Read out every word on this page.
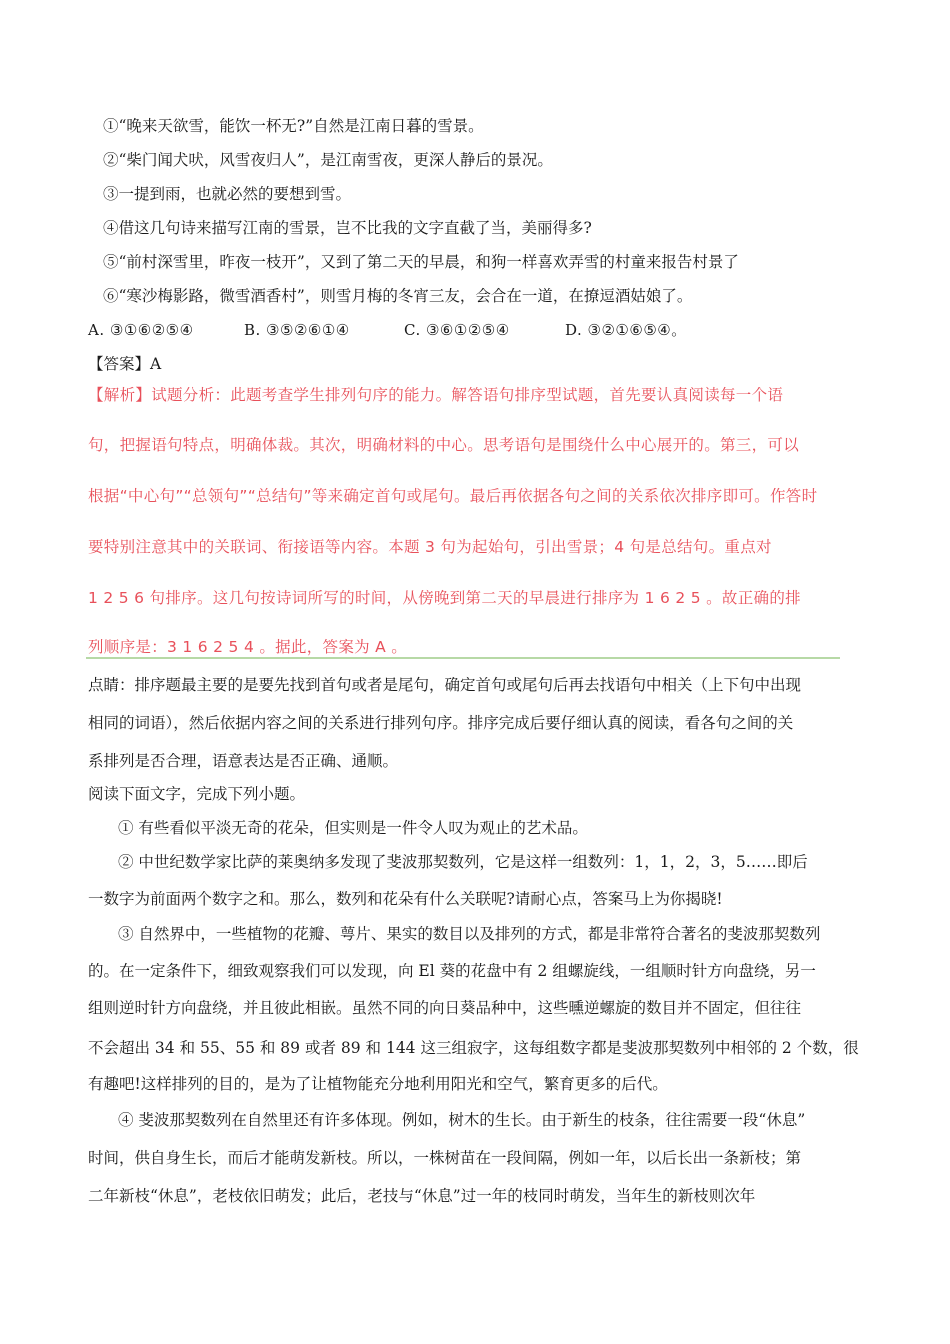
①“晚来天欲雪，能饮一杯无?”自然是江南日暮的雪景。
②“柴门闻犬吠，风雪夜归人”，是江南雪夜，更深人静后的景况。
③一提到雨，也就必然的要想到雪。
④借这几句诗来描写江南的雪景，岂不比我的文字直截了当，美丽得多?
⑤“前村深雪里，昨夜一枝开”，又到了第二天的早晨，和狗一样喜欢弄雪的村童来报告村景了
⑥“寒沙梅影路，微雪酒香村”，则雪月梅的冬宵三友，会合在一道，在撩逗酒姑娘了。
A. ③①⑥②⑤④	B. ③⑤②⑥①④	C. ③⑥①②⑤④	D. ③②①⑥⑤④。
【答案】A
【解析】试题分析：此题考查学生排列句序的能力。解答语句排序型试题，首先要认真阅读每一个语
句，把握语句特点，明确体裁。其次，明确材料的中心。思考语句是围绕什么中心展开的。第三，可以
根据“中心句”“总领句”“总结句”等来确定首句或尾句。最后再依据各句之间的关系依次排序即可。作答时
要特别注意其中的关联词、衔接语等内容。本题 3 句为起始句，引出雪景；4 句是总结句。重点对
1 2 5 6 句排序。这几句按诗词所写的时间，从傍晚到第二天的早晨进行排序为 1 6 2 5 。故正确的排
列顺序是：3 1 6 2 5 4 。据此，答案为 A 。
点睛：排序题最主要的是要先找到首句或者是尾句，确定首句或尾句后再去找语句中相关（上下句中出现
相同的词语），然后依据内容之间的关系进行排列句序。排序完成后要仔细认真的阅读，看各句之间的关
系排列是否合理，语意表达是否正确、通顺。
阅读下面文字，完成下列小题。
① 有些看似平淡无奇的花朵，但实则是一件令人叹为观止的艺术品。
② 中世纪数学家比萨的莱奥纳多发现了斐波那契数列，它是这样一组数列：1，1，2，3，5……即后
一数字为前面两个数字之和。那么，数列和花朵有什么关联呢?请耐心点，答案马上为你揭晓!
③ 自然界中，一些植物的花瓣、萼片、果实的数目以及排列的方式，都是非常符合著名的斐波那契数列
的。在一定条件下，细致观察我们可以发现，向 El 葵的花盘中有 2 组螺旋线，一组顺时针方向盘绕，另一
组则逆时针方向盘绕，并且彼此相嵌。虽然不同的向日葵品种中，这些曛逆螺旋的数目并不固定，但往往
不会超出 34 和 55、55 和 89 或者 89 和 144 这三组寂字，这每组数字都是斐波那契数列中相邻的 2 个数，很
有趣吧!这样排列的目的，是为了让植物能充分地利用阳光和空气，繁育更多的后代。
④ 斐波那契数列在自然里还有许多体现。例如，树木的生长。由于新生的枝条，往往需要一段“休息”
时间，供自身生长，而后才能萌发新枝。所以，一株树苗在一段间隔，例如一年，以后长出一条新枝；第
二年新枝“休息”，老枝依旧萌发；此后，老技与“休息”过一年的枝同时萌发，当年生的新枝则次年
